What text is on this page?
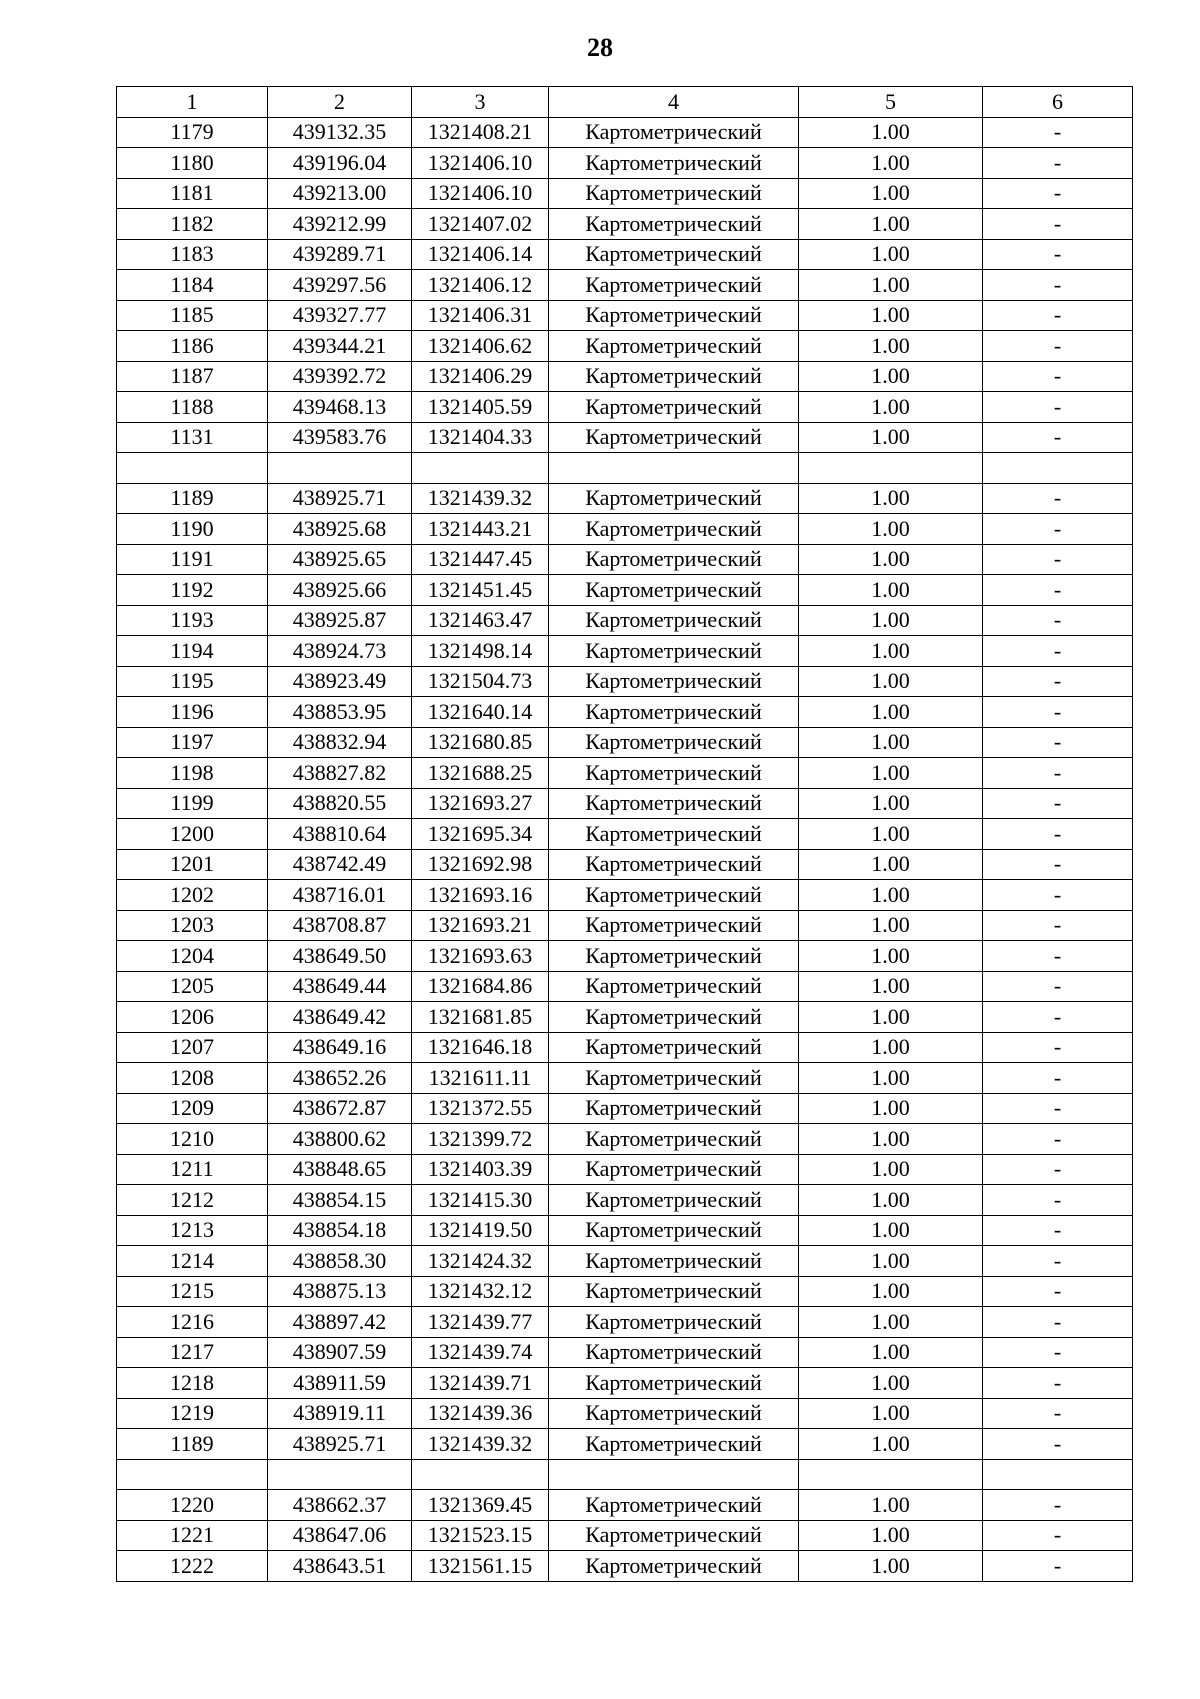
28
1	2	3	4	5	6
1179	439132.35	1321408.21	Картометрический	1.00	-
1180	439196.04	1321406.10	Картометрический	1.00	-
1181	439213.00	1321406.10	Картометрический	1.00	-
1182	439212.99	1321407.02	Картометрический	1.00	-
1183	439289.71	1321406.14	Картометрический	1.00	-
1184	439297.56	1321406.12	Картометрический	1.00	-
1185	439327.77	1321406.31	Картометрический	1.00	-
1186	439344.21	1321406.62	Картометрический	1.00	-
1187	439392.72	1321406.29	Картометрический	1.00	-
1188	439468.13	1321405.59	Картометрический	1.00	-
1131	439583.76	1321404.33	Картометрический	1.00	-

1189	438925.71	1321439.32	Картометрический	1.00	-
1190	438925.68	1321443.21	Картометрический	1.00	-
1191	438925.65	1321447.45	Картометрический	1.00	-
1192	438925.66	1321451.45	Картометрический	1.00	-
1193	438925.87	1321463.47	Картометрический	1.00	-
1194	438924.73	1321498.14	Картометрический	1.00	-
1195	438923.49	1321504.73	Картометрический	1.00	-
1196	438853.95	1321640.14	Картометрический	1.00	-
1197	438832.94	1321680.85	Картометрический	1.00	-
1198	438827.82	1321688.25	Картометрический	1.00	-
1199	438820.55	1321693.27	Картометрический	1.00	-
1200	438810.64	1321695.34	Картометрический	1.00	-
1201	438742.49	1321692.98	Картометрический	1.00	-
1202	438716.01	1321693.16	Картометрический	1.00	-
1203	438708.87	1321693.21	Картометрический	1.00	-
1204	438649.50	1321693.63	Картометрический	1.00	-
1205	438649.44	1321684.86	Картометрический	1.00	-
1206	438649.42	1321681.85	Картометрический	1.00	-
1207	438649.16	1321646.18	Картометрический	1.00	-
1208	438652.26	1321611.11	Картометрический	1.00	-
1209	438672.87	1321372.55	Картометрический	1.00	-
1210	438800.62	1321399.72	Картометрический	1.00	-
1211	438848.65	1321403.39	Картометрический	1.00	-
1212	438854.15	1321415.30	Картометрический	1.00	-
1213	438854.18	1321419.50	Картометрический	1.00	-
1214	438858.30	1321424.32	Картометрический	1.00	-
1215	438875.13	1321432.12	Картометрический	1.00	-
1216	438897.42	1321439.77	Картометрический	1.00	-
1217	438907.59	1321439.74	Картометрический	1.00	-
1218	438911.59	1321439.71	Картометрический	1.00	-
1219	438919.11	1321439.36	Картометрический	1.00	-
1189	438925.71	1321439.32	Картометрический	1.00	-

1220	438662.37	1321369.45	Картометрический	1.00	-
1221	438647.06	1321523.15	Картометрический	1.00	-
1222	438643.51	1321561.15	Картометрический	1.00	-
